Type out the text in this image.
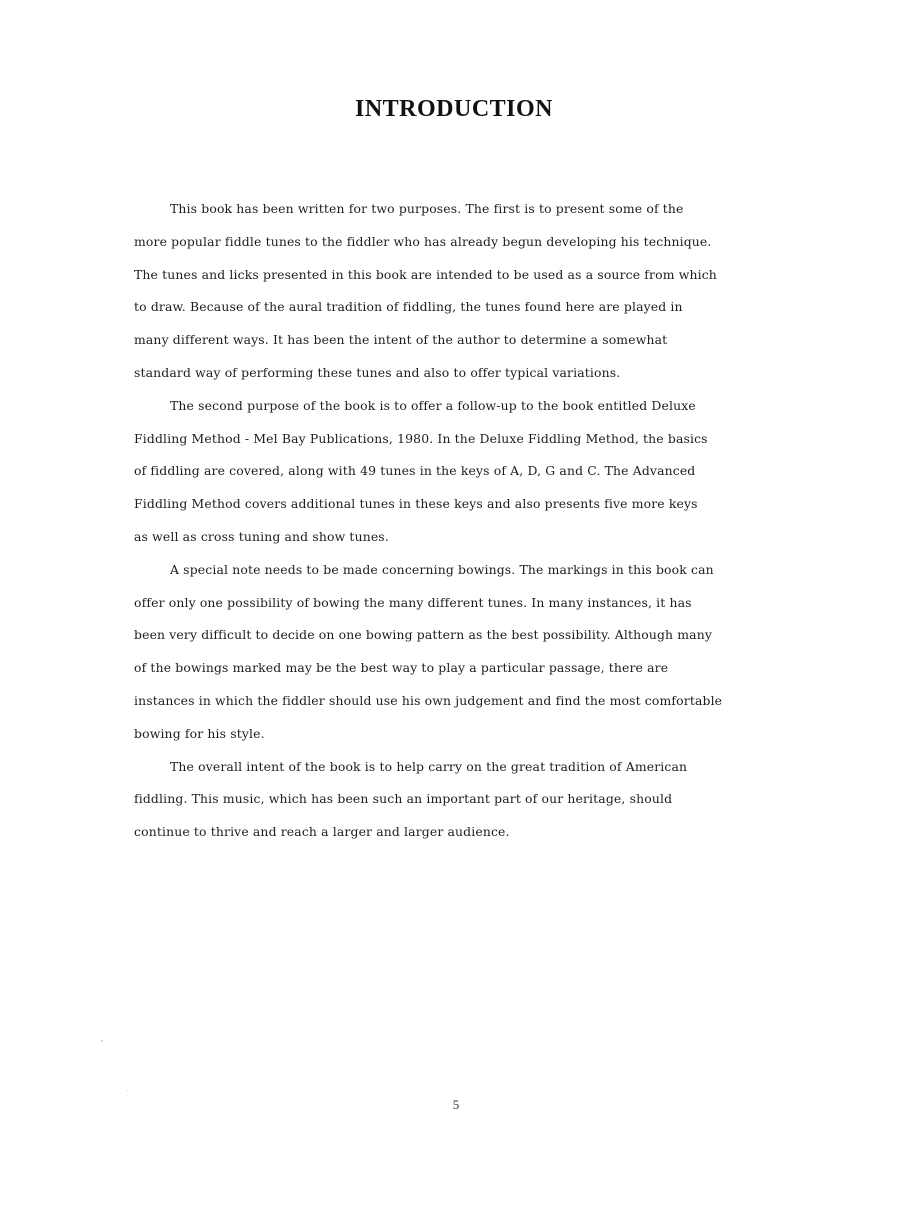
INTRODUCTION
This book has been written for two purposes. The first is to present some of the
more popular fiddle tunes to the fiddler who has already begun developing his technique.
The tunes and licks presented in this book are intended to be used as a source from which
to draw. Because of the aural tradition of fiddling, the tunes found here are played in
many different ways. It has been the intent of the author to determine a somewhat
standard way of performing these tunes and also to offer typical variations.
The second purpose of the book is to offer a follow-up to the book entitled Deluxe
Fiddling Method - Mel Bay Publications, 1980. In the Deluxe Fiddling Method, the basics
of fiddling are covered, along with 49 tunes in the keys of A, D, G and C. The Advanced
Fiddling Method covers additional tunes in these keys and also presents five more keys
as well as cross tuning and show tunes.
A special note needs to be made concerning bowings. The markings in this book can
offer only one possibility of bowing the many different tunes. In many instances, it has
been very difficult to decide on one bowing pattern as the best possibility. Although many
of the bowings marked may be the best way to play a particular passage, there are
instances in which the fiddler should use his own judgement and find the most comfortable
bowing for his style.
The overall intent of the book is to help carry on the great tradition of American
fiddling. This music, which has been such an important part of our heritage, should
continue to thrive and reach a larger and larger audience.
5
